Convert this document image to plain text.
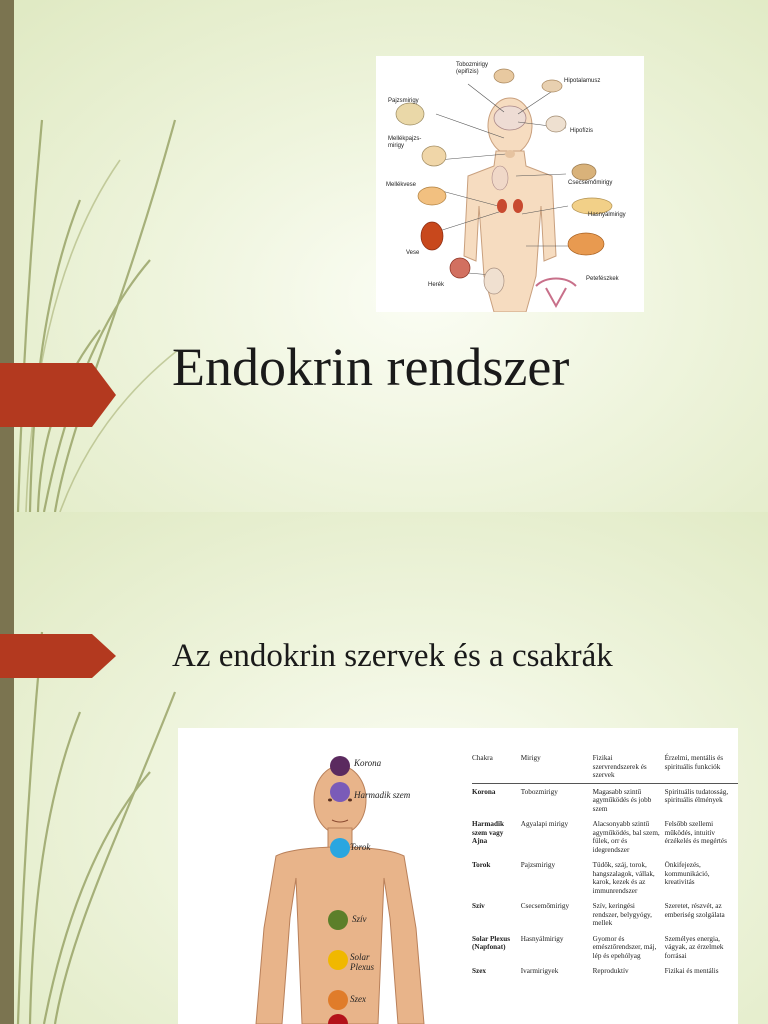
Tobozmirigy
(epifízis)
Hipotalamusz
Pajzsmirigy
Hipofízis
Mellékpajzs-
mirigy
Csecsemőmirigy
Mellékvese
Hasnyálmirigy
Vese
Petefészkek
Herék
Endokrin rendszer
Az endokrin szervek és a csakrák
Korona
Harmadik szem
Torok
Szív
Solar Plexus
Szex
Chakra	Mirigy	Fizikai szervrendszerek és szervek	Érzelmi, mentális és spirituális funkciók
Korona	Tobozmirigy	Magasabb szintű agyműködés és jobb szem	Spirituális tudatosság, spirituális élmények
Harmadik szem vagy Ajna	Agyalapi mirigy	Alacsonyabb szintű agyműködés, bal szem, fülek, orr és idegrendszer	Felsőbb szellemi működés, intuitív érzékelés és megértés
Torok	Pajzsmirigy	Tüdők, száj, torok, hangszalagok, vállak, karok, kezek és az immunrendszer	Önkifejezés, kommunikáció, kreativitás
Szív	Csecsemőmirigy	Szív, keringési rendszer, belygyógy, mellek	Szeretet, részvét, az emberiség szolgálata
Solar Plexus (Napfonat)	Hasnyálmirigy	Gyomor és emésztőrendszer, máj, lép és epehólyag	Személyes energia, vágyak, az érzelmek forrásai
Szex	Ivarmirigyek	Reproduktív	Fizikai és mentális
